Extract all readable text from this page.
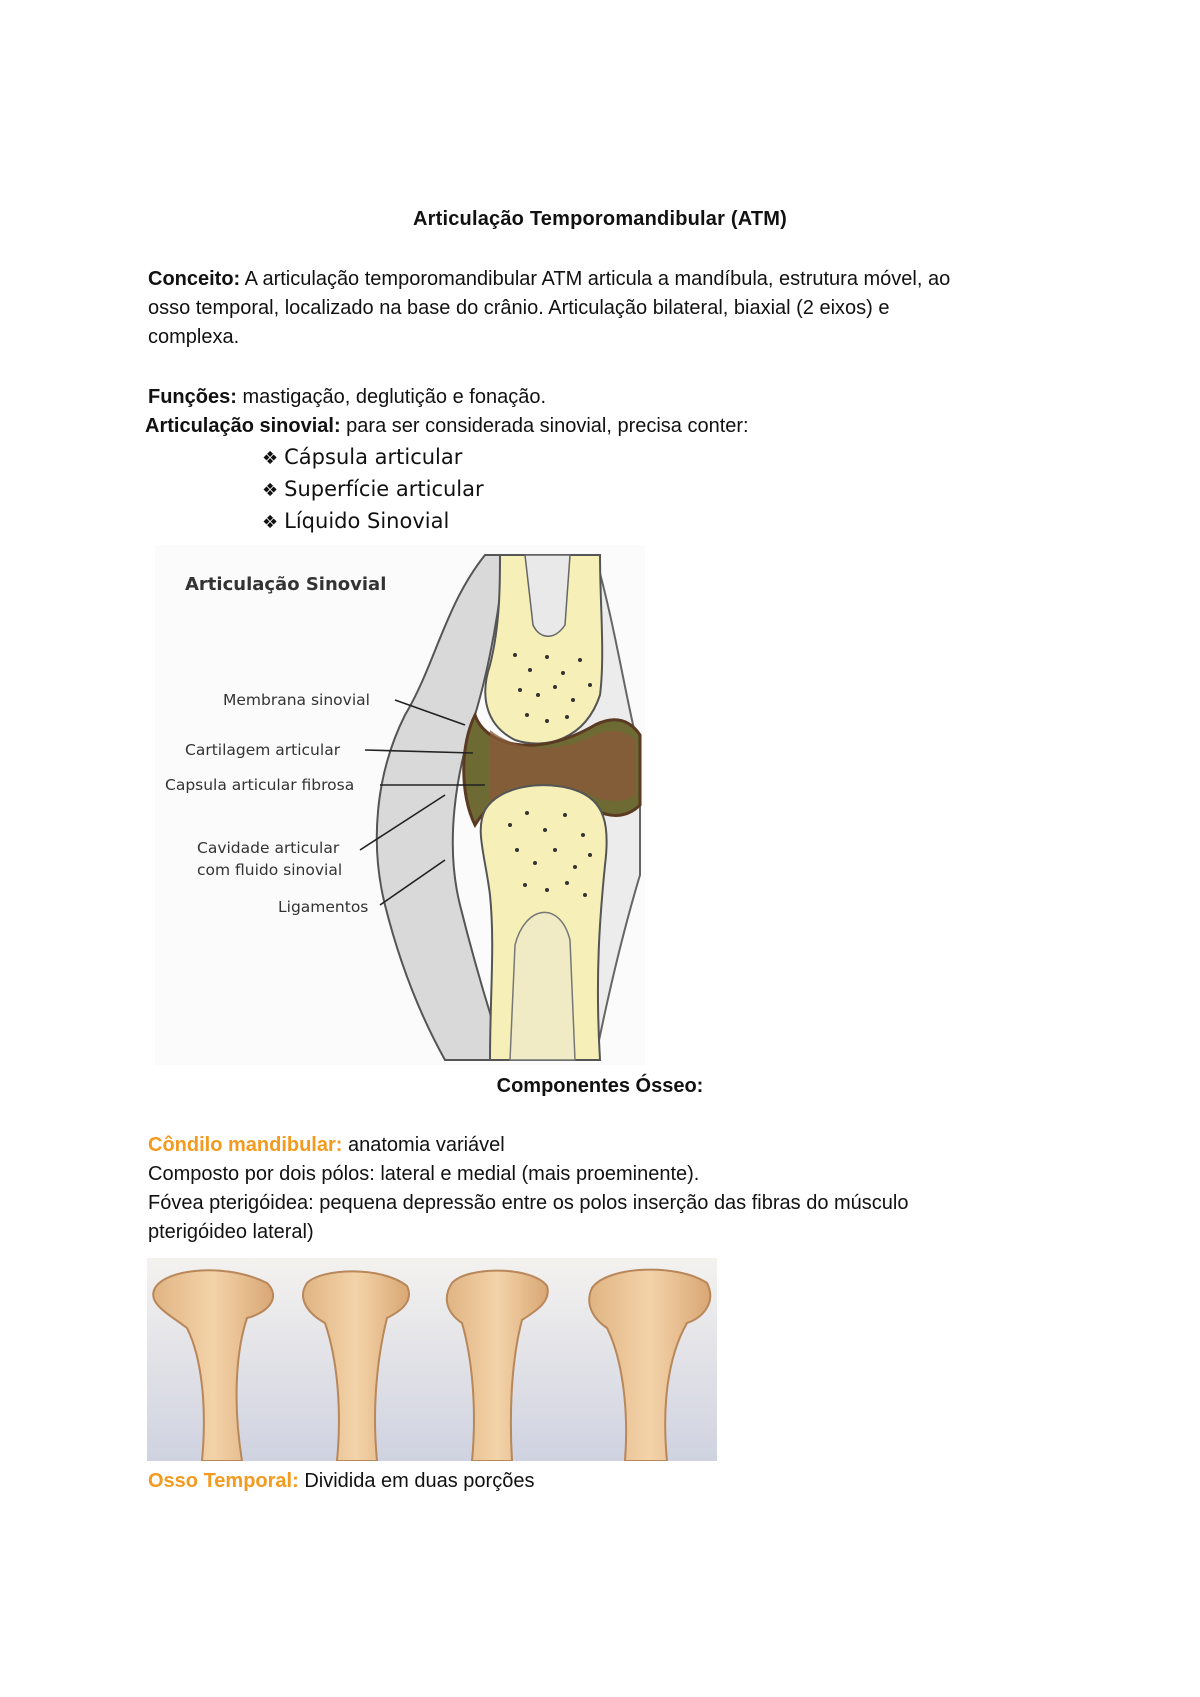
Articulação Temporomandibular (ATM)
Conceito: A articulação temporomandibular ATM articula a mandíbula, estrutura móvel, ao
osso temporal, localizado na base do crânio. Articulação bilateral, biaxial (2 eixos) e
complexa.
Funções: mastigação, deglutição e fonação.
Articulação sinovial: para ser considerada sinovial, precisa conter:
❖ Cápsula articular
❖ Superfície articular
❖ Líquido Sinovial
Articulação Sinovial
Membrana sinovial
Cartilagem articular
Capsula articular fibrosa
Cavidade articular
com fluido sinovial
Ligamentos
Componentes Ósseo:
Côndilo mandibular: anatomia variável
Composto por dois pólos: lateral e medial (mais proeminente).
Fóvea pterigóidea: pequena depressão entre os polos inserção das fibras do músculo
pterigóideo lateral)
Osso Temporal: Dividida em duas porções
